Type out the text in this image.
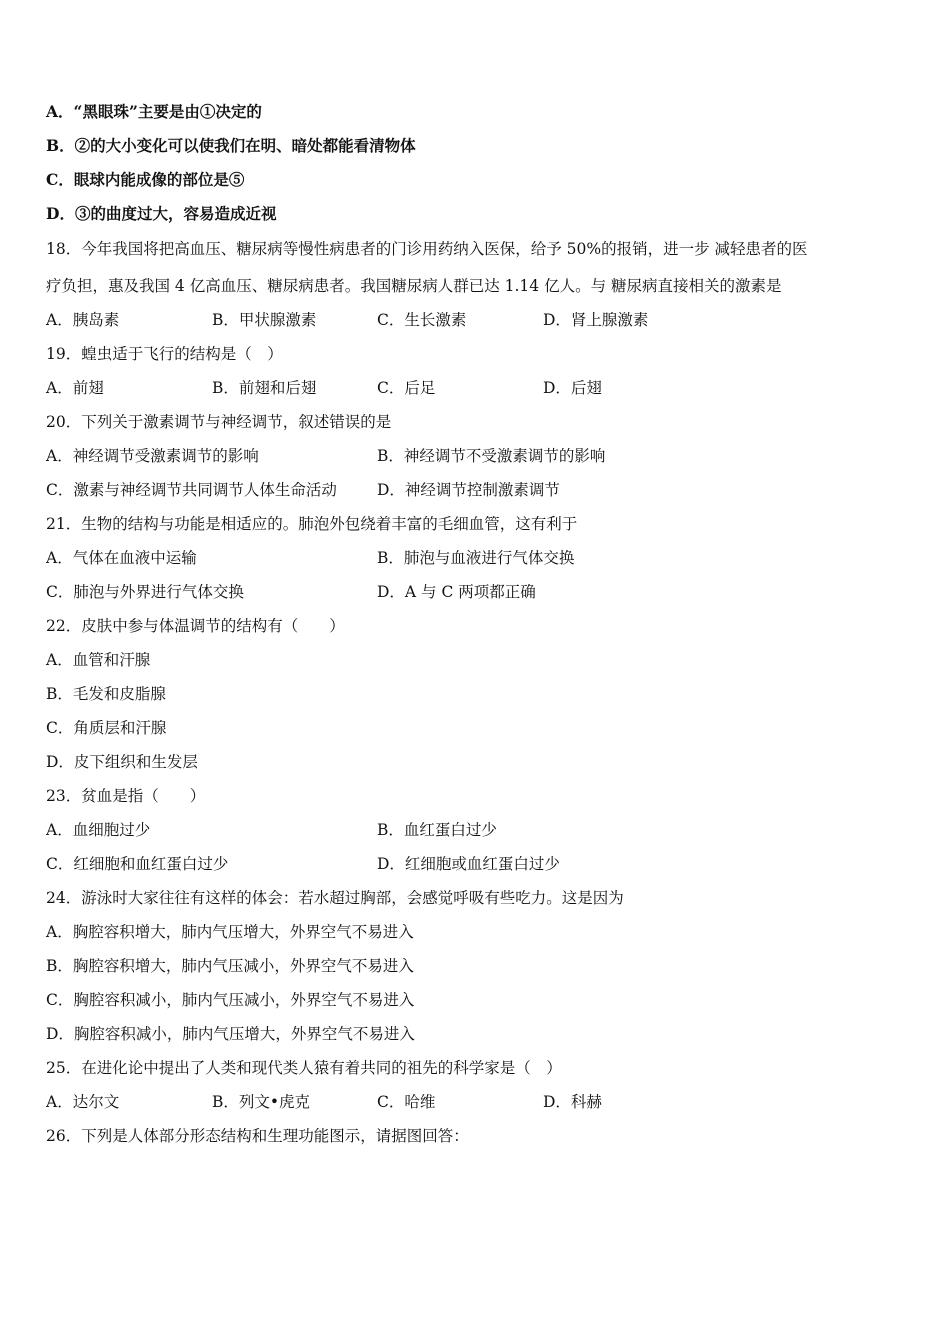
A．“黑眼珠”主要是由①决定的
B．②的大小变化可以使我们在明、暗处都能看清物体
C．眼球内能成像的部位是⑤
D．③的曲度过大，容易造成近视
18．今年我国将把高血压、糖尿病等慢性病患者的门诊用药纳入医保，给予 50%的报销，进一步 减轻患者的医
疗负担，惠及我国 4 亿高血压、糖尿病患者。我国糖尿病人群已达 1.14 亿人。与 糖尿病直接相关的激素是
A．胰岛素	B．甲状腺激素	C．生长激素	D．肾上腺激素
19．蝗虫适于飞行的结构是（　）
A．前翅	B．前翅和后翅	C．后足	D．后翅
20．下列关于激素调节与神经调节，叙述错误的是
A．神经调节受激素调节的影响	B．神经调节不受激素调节的影响
C．激素与神经调节共同调节人体生命活动	D．神经调节控制激素调节
21．生物的结构与功能是相适应的。肺泡外包绕着丰富的毛细血管，这有利于
A．气体在血液中运输	B．肺泡与血液进行气体交换
C．肺泡与外界进行气体交换	D．A 与 C 两项都正确
22．皮肤中参与体温调节的结构有（　　）
A．血管和汗腺
B．毛发和皮脂腺
C．角质层和汗腺
D．皮下组织和生发层
23．贫血是指（　　）
A．血细胞过少	B．血红蛋白过少
C．红细胞和血红蛋白过少	D．红细胞或血红蛋白过少
24．游泳时大家往往有这样的体会：若水超过胸部，会感觉呼吸有些吃力。这是因为
A．胸腔容积增大，肺内气压增大，外界空气不易进入
B．胸腔容积增大，肺内气压减小，外界空气不易进入
C．胸腔容积减小，肺内气压减小，外界空气不易进入
D．胸腔容积减小，肺内气压增大，外界空气不易进入
25．在进化论中提出了人类和现代类人猿有着共同的祖先的科学家是（　）
A．达尔文	B．列文•虎克	C．哈维	D．科赫
26．下列是人体部分形态结构和生理功能图示，请据图回答：
